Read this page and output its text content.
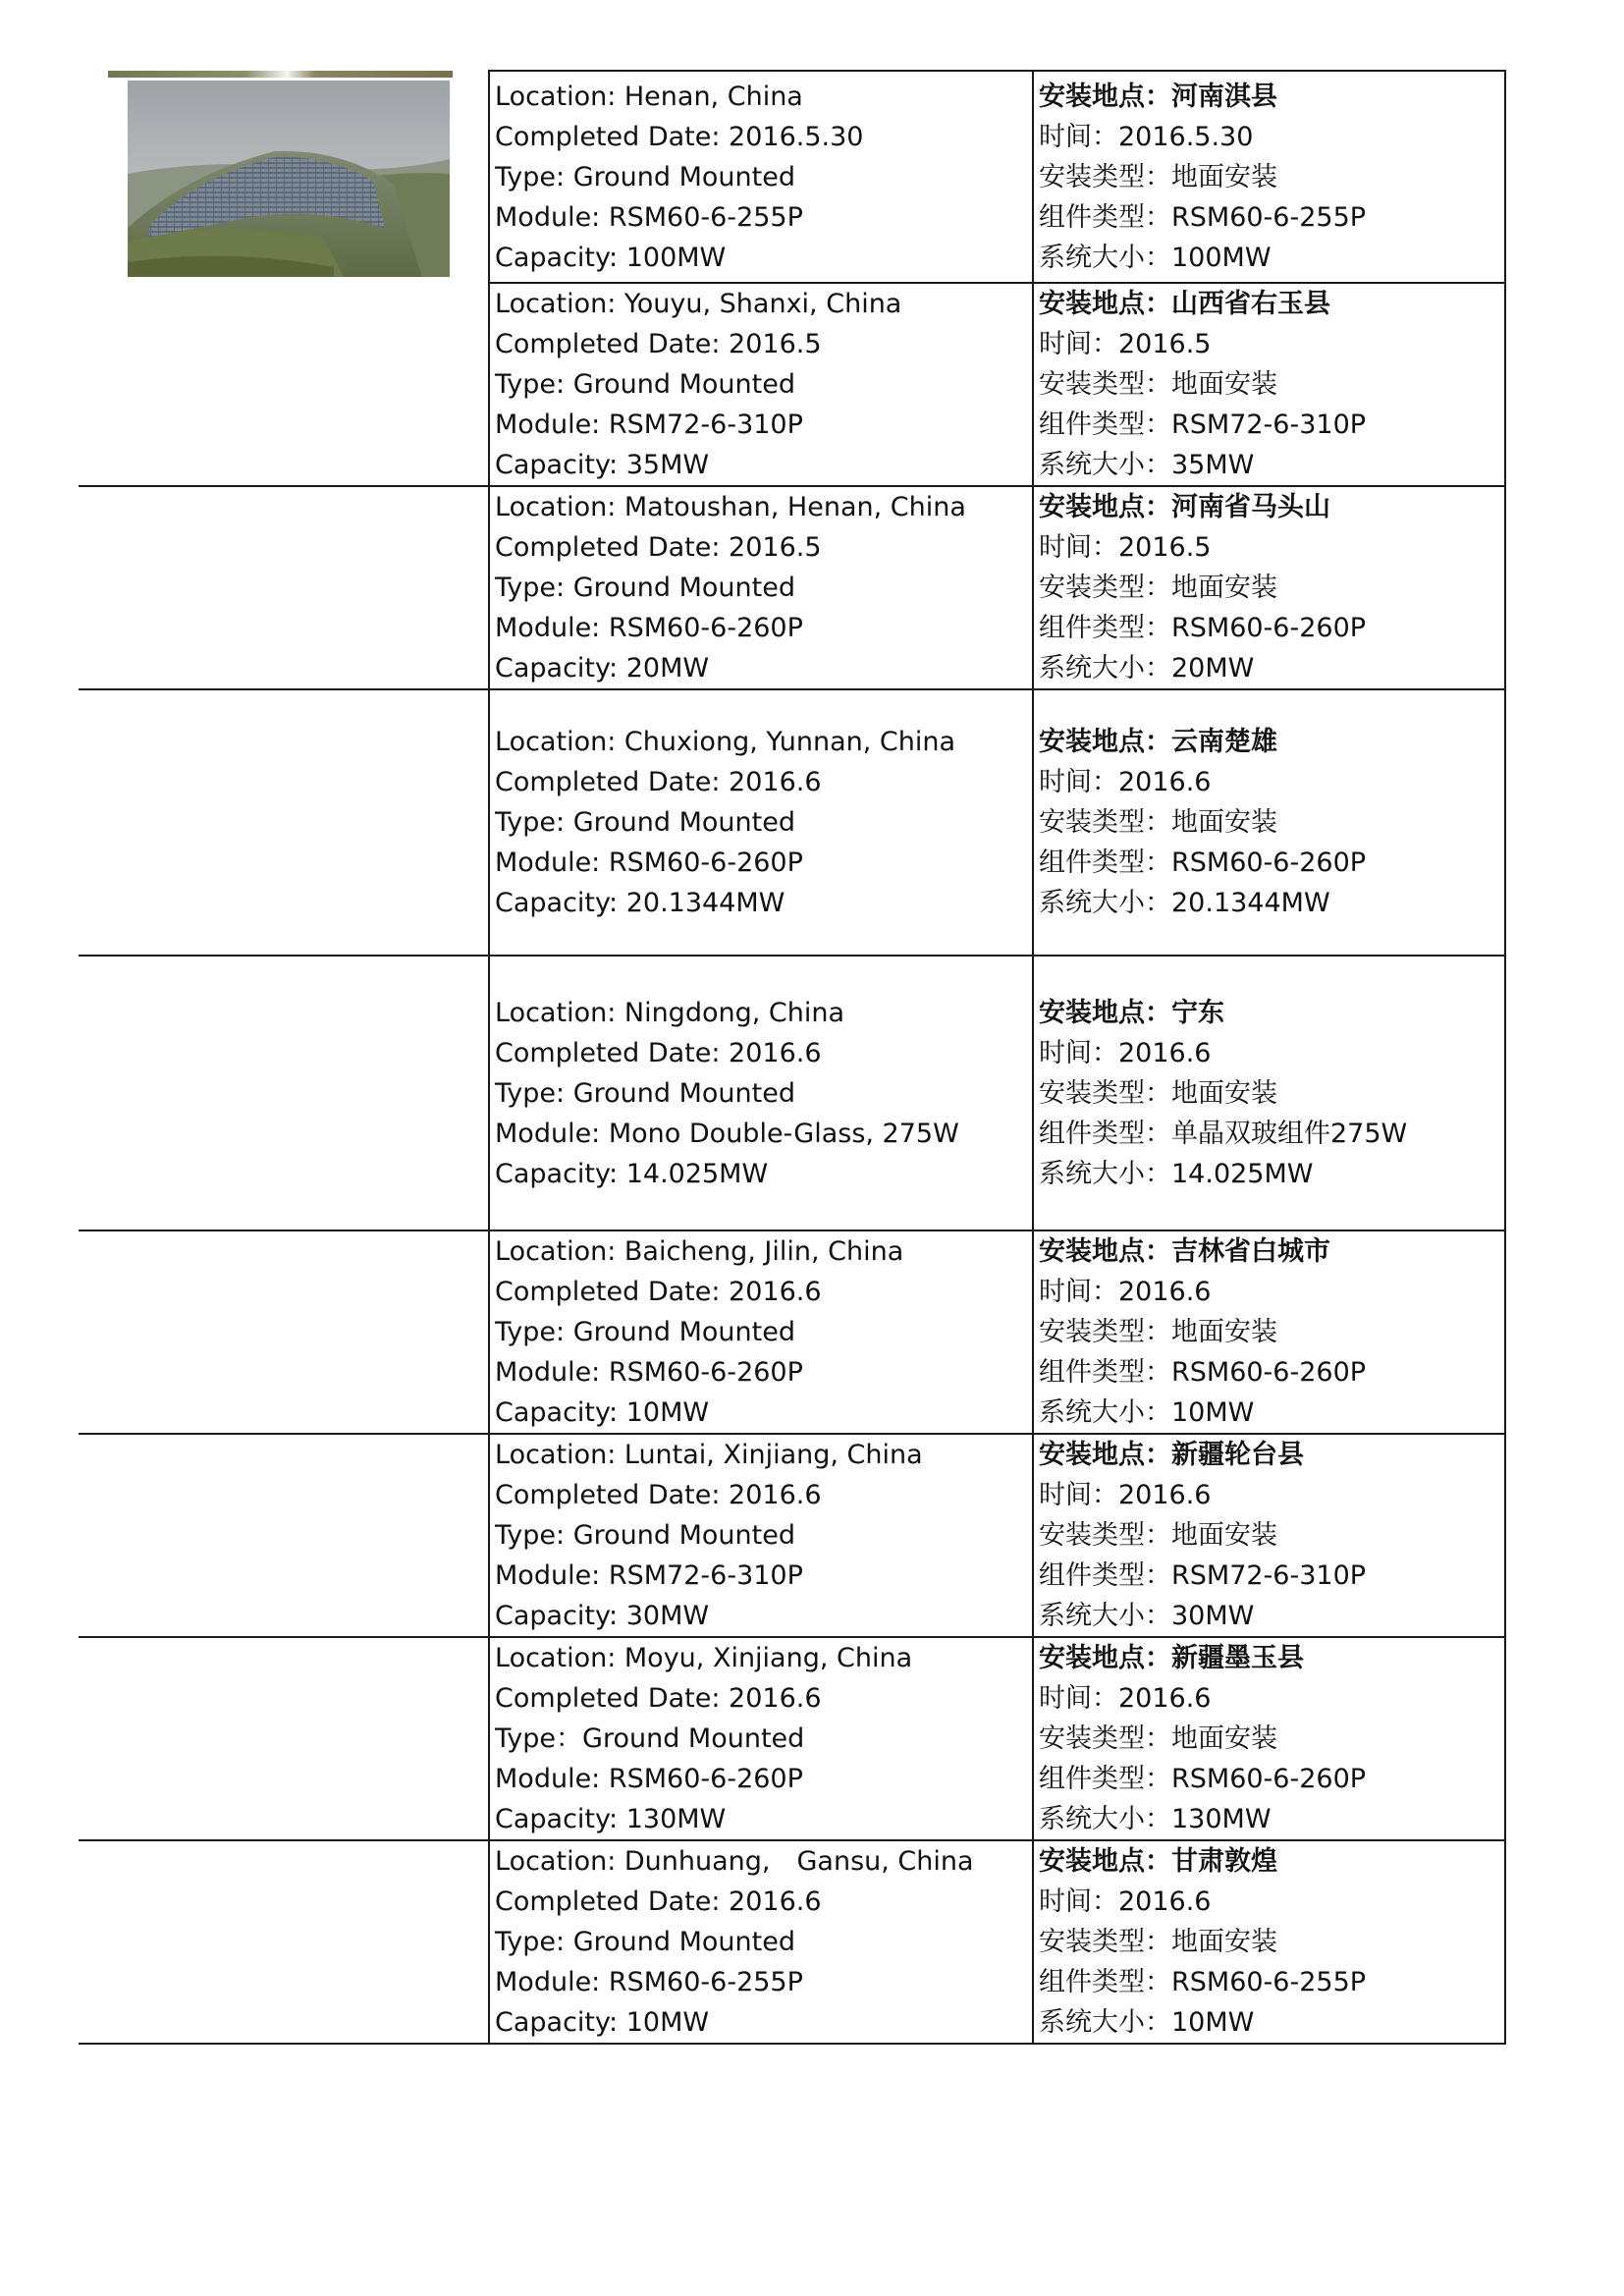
Location: Henan, China
Completed Date: 2016.5.30
Type: Ground Mounted
Module: RSM60-6-255P
Capacity: 100MW	安装地点：河南淇县
时间：2016.5.30
安装类型：地面安装
组件类型：RSM60-6-255P
系统大小：100MW

	Location: Youyu, Shanxi, China
Completed Date: 2016.5
Type: Ground Mounted
Module: RSM72-6-310P
Capacity: 35MW	安装地点：山西省右玉县
时间：2016.5
安装类型：地面安装
组件类型：RSM72-6-310P
系统大小：35MW

	Location: Matoushan, Henan, China
Completed Date: 2016.5
Type: Ground Mounted
Module: RSM60-6-260P
Capacity: 20MW	安装地点：河南省马头山
时间：2016.5
安装类型：地面安装
组件类型：RSM60-6-260P
系统大小：20MW

	Location: Chuxiong, Yunnan, China
Completed Date: 2016.6
Type: Ground Mounted
Module: RSM60-6-260P
Capacity: 20.1344MW	安装地点：云南楚雄
时间：2016.6
安装类型：地面安装
组件类型：RSM60-6-260P
系统大小：20.1344MW

	Location: Ningdong, China
Completed Date: 2016.6
Type: Ground Mounted
Module: Mono Double-Glass, 275W
Capacity: 14.025MW	安装地点：宁东
时间：2016.6
安装类型：地面安装
组件类型：单晶双玻组件275W
系统大小：14.025MW

	Location: Baicheng, Jilin, China
Completed Date: 2016.6
Type: Ground Mounted
Module: RSM60-6-260P
Capacity: 10MW	安装地点：吉林省白城市
时间：2016.6
安装类型：地面安装
组件类型：RSM60-6-260P
系统大小：10MW

	Location: Luntai, Xinjiang, China
Completed Date: 2016.6
Type: Ground Mounted
Module: RSM72-6-310P
Capacity: 30MW	安装地点：新疆轮台县
时间：2016.6
安装类型：地面安装
组件类型：RSM72-6-310P
系统大小：30MW

	Location: Moyu, Xinjiang, China
Completed Date: 2016.6
Type：Ground Mounted
Module: RSM60-6-260P
Capacity: 130MW	安装地点：新疆墨玉县
时间：2016.6
安装类型：地面安装
组件类型：RSM60-6-260P
系统大小：130MW

	Location: Dunhuang,　Gansu, China
Completed Date: 2016.6
Type: Ground Mounted
Module: RSM60-6-255P
Capacity: 10MW	安装地点：甘肃敦煌
时间：2016.6
安装类型：地面安装
组件类型：RSM60-6-255P
系统大小：10MW
